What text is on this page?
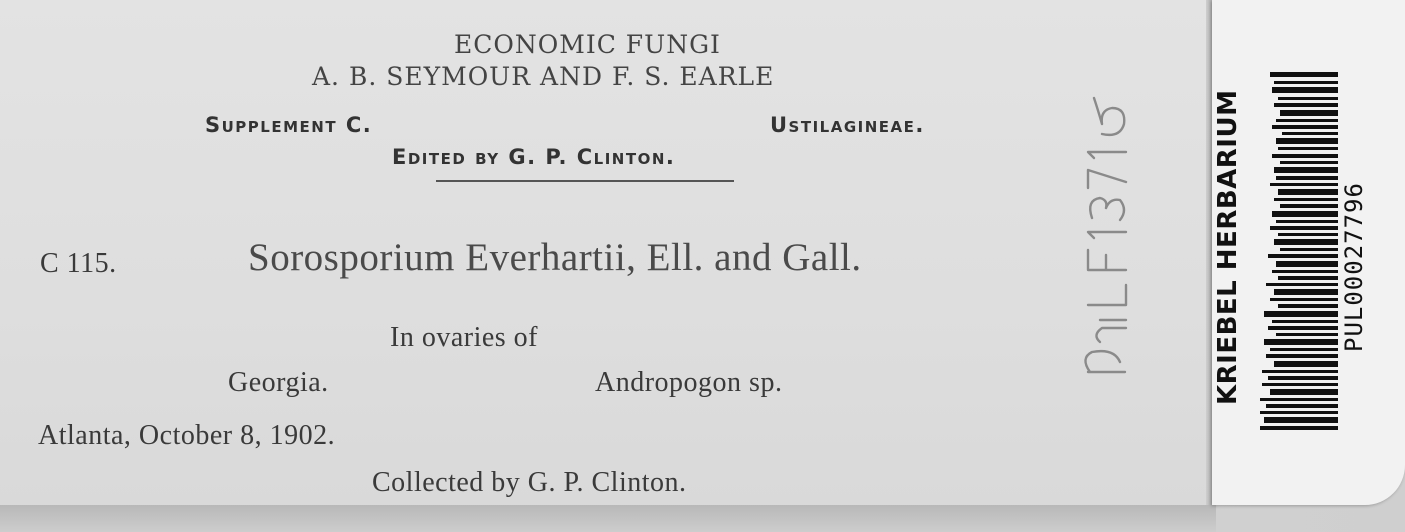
ECONOMIC FUNGI

A. B. SEYMOUR AND F. S. EARLE

Supplement C.	Ustilagineae.

Edited by G. P. Clinton.

C 115.	Sorosporium Everhartii, Ell. and Gall.

In ovaries of

Georgia.	Andropogon sp.

Atlanta, October 8, 1902.

Collected by G. P. Clinton.

KRIEBEL HERBARIUM	PUL00027796
